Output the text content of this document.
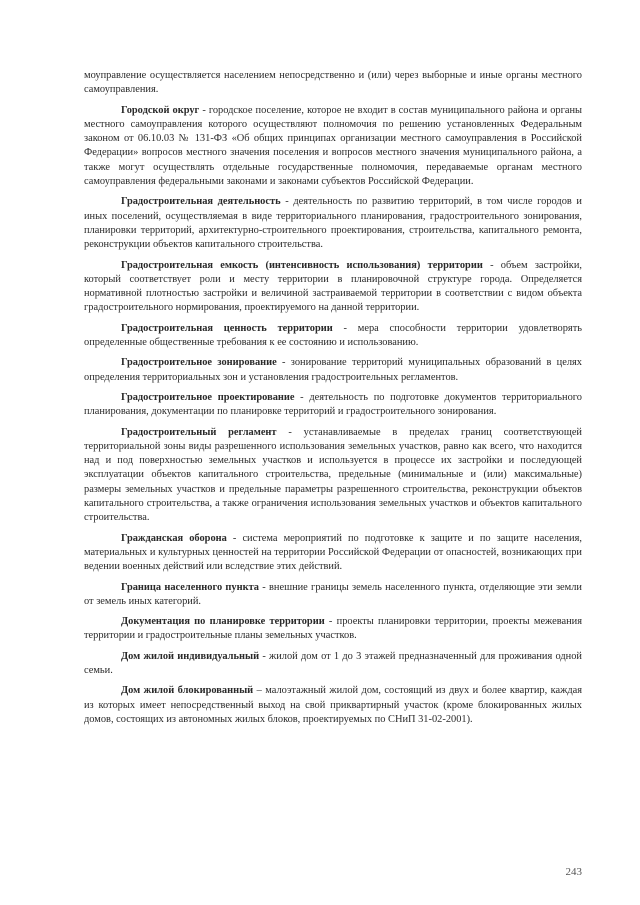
моуправление осуществляется населением непосредственно и (или) через выборные и иные органы местного самоуправления.

Городской округ - городское поселение, которое не входит в состав муниципального района и органы местного самоуправления которого осуществляют полномочия по решению установленных Федеральным законом от 06.10.03 № 131-ФЗ «Об общих принципах организации местного самоуправления в Российской Федерации» вопросов местного значения поселения и вопросов местного значения муниципального района, а также могут осуществлять отдельные государственные полномочия, передаваемые органам местного самоуправления федеральными законами и законами субъектов Российской Федерации.

Градостроительная деятельность - деятельность по развитию территорий, в том числе городов и иных поселений, осуществляемая в виде территориального планирования, градостроительного зонирования, планировки территорий, архитектурно-строительного проектирования, строительства, капитального ремонта, реконструкции объектов капитального строительства.

Градостроительная емкость (интенсивность использования) территории - объем застройки, который соответствует роли и месту территории в планировочной структуре города. Определяется нормативной плотностью застройки и величиной застраиваемой территории в соответствии с видом объекта градостроительного нормирования, проектируемого на данной территории.

Градостроительная ценность территории - мера способности территории удовлетворять определенные общественные требования к ее состоянию и использованию.

Градостроительное зонирование - зонирование территорий муниципальных образований в целях определения территориальных зон и установления градостроительных регламентов.

Градостроительное проектирование - деятельность по подготовке документов территориального планирования, документации по планировке территорий и градостроительного зонирования.

Градостроительный регламент - устанавливаемые в пределах границ соответствующей территориальной зоны виды разрешенного использования земельных участков, равно как всего, что находится над и под поверхностью земельных участков и используется в процессе их застройки и последующей эксплуатации объектов капитального строительства, предельные (минимальные и (или) максимальные) размеры земельных участков и предельные параметры разрешенного строительства, реконструкции объектов капитального строительства, а также ограничения использования земельных участков и объектов капитального строительства.

Гражданская оборона - система мероприятий по подготовке к защите и по защите населения, материальных и культурных ценностей на территории Российской Федерации от опасностей, возникающих при ведении военных действий или вследствие этих действий.

Граница населенного пункта - внешние границы земель населенного пункта, отделяющие эти земли от земель иных категорий.

Документация по планировке территории - проекты планировки территории, проекты межевания территории и градостроительные планы земельных участков.

Дом жилой индивидуальный - жилой дом от 1 до 3 этажей предназначенный для проживания одной семьи.

Дом жилой блокированный – малоэтажный жилой дом, состоящий из двух и более квартир, каждая из которых имеет непосредственный выход на свой приквартирный участок (кроме блокированных жилых домов, состоящих из автономных жилых блоков, проектируемых по СНиП 31-02-2001).

243
